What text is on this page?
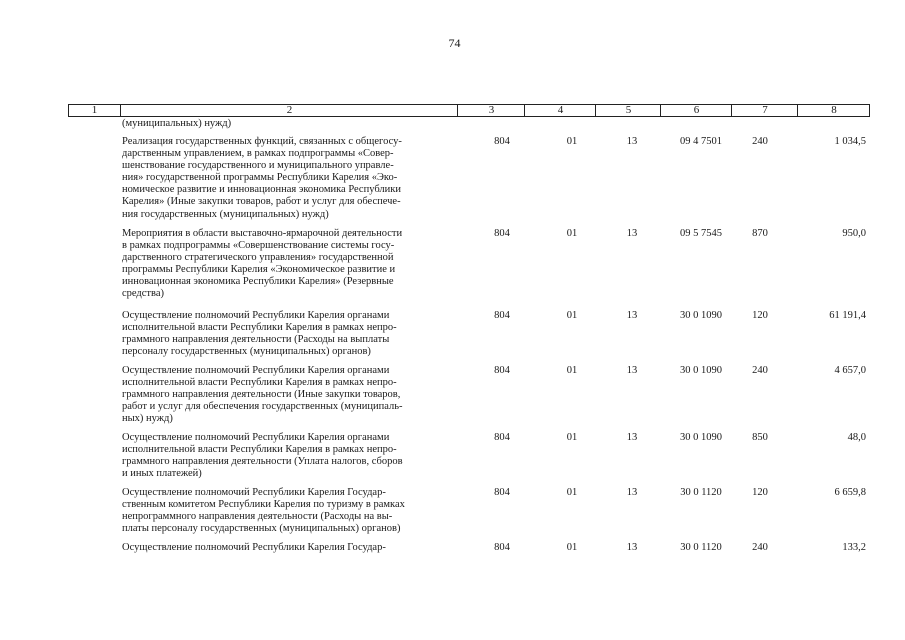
74
1	2	3	4	5	6	7	8
(муниципальных) нужд)
Реализация государственных функций, связанных с общегосу-
дарственным управлением, в рамках подпрограммы «Совер-
шенствование государственного и муниципального управле-
ния» государственной программы Республики Карелия «Эко-
номическое развитие и инновационная экономика Республики
Карелия» (Иные закупки товаров, работ и услуг для обеспече-
ния государственных (муниципальных) нужд)
804	01	13	09 4 7501	240	1 034,5
Мероприятия в области выставочно-ярмарочной деятельности
в рамках подпрограммы «Совершенствование системы госу-
дарственного стратегического управления» государственной
программы Республики Карелия «Экономическое развитие и
инновационная экономика Республики Карелия» (Резервные
средства)
804	01	13	09 5 7545	870	950,0
Осуществление полномочий Республики Карелия органами
исполнительной власти Республики Карелия в рамках непро-
граммного направления деятельности (Расходы на выплаты
персоналу государственных (муниципальных) органов)
804	01	13	30 0 1090	120	61 191,4
Осуществление полномочий Республики Карелия органами
исполнительной власти Республики Карелия в рамках непро-
граммного направления деятельности (Иные закупки товаров,
работ и услуг для обеспечения государственных (муниципаль-
ных) нужд)
804	01	13	30 0 1090	240	4 657,0
Осуществление полномочий Республики Карелия органами
исполнительной власти Республики Карелия в рамках непро-
граммного направления деятельности (Уплата налогов, сборов
и иных платежей)
804	01	13	30 0 1090	850	48,0
Осуществление полномочий Республики Карелия Государ-
ственным комитетом Республики Карелия по туризму в рамках
непрограммного направления деятельности (Расходы на вы-
платы персоналу государственных (муниципальных) органов)
804	01	13	30 0 1120	120	6 659,8
Осуществление полномочий Республики Карелия Государ-	804	01	13	30 0 1120	240	133,2
